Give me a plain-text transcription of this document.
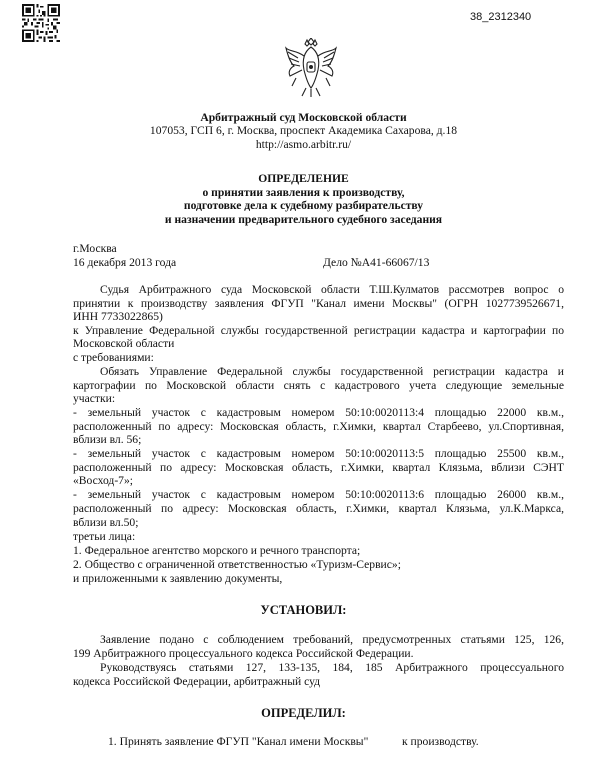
38_2312340
Арбитражный суд Московской области
107053, ГСП 6, г. Москва, проспект Академика Сахарова, д.18
http://asmo.arbitr.ru/
ОПРЕДЕЛЕНИЕ
о принятии заявления к производству,
подготовке дела к судебному разбирательству
и назначении предварительного судебного заседания
г.Москва
16 декабря 2013 года	Дело №А41-66067/13
Судья Арбитражного суда Московской области Т.Ш.Кулматов рассмотрев вопрос о
принятии к производству заявления ФГУП "Канал имени Москвы" (ОГРН 1027739526671,
ИНН 7733022865)
к Управление Федеральной службы государственной регистрации кадастра и картографии по
Московской области
с требованиями:
Обязать Управление Федеральной службы государственной регистрации кадастра и
картографии по Московской области снять с кадастрового учета следующие земельные
участки:
- земельный участок с кадастровым номером 50:10:0020113:4 площадью 22000 кв.м.,
расположенный по адресу: Московская область, г.Химки, квартал Старбеево, ул.Спортивная,
вблизи вл. 56;
- земельный участок с кадастровым номером 50:10:0020113:5 площадью 25500 кв.м.,
расположенный по адресу: Московская область, г.Химки, квартал Клязьма, вблизи СЭНТ
«Восход-7»;
- земельный участок с кадастровым номером 50:10:0020113:6 площадью 26000 кв.м.,
расположенный по адресу: Московская область, г.Химки, квартал Клязьма, ул.К.Маркса,
вблизи вл.50;
третьи лица:
1. Федеральное агентство морского и речного транспорта;
2. Общество с ограниченной ответственностью «Туризм-Сервис»;
и приложенными к заявлению документы,
УСТАНОВИЛ:
Заявление подано с соблюдением требований, предусмотренных статьями 125, 126,
199 Арбитражного процессуального кодекса Российской Федерации.
Руководствуясь статьями 127, 133-135, 184, 185 Арбитражного процессуального
кодекса Российской Федерации, арбитражный суд
ОПРЕДЕЛИЛ:
1. Принять заявление ФГУП "Канал имени Москвы"	к производству.
